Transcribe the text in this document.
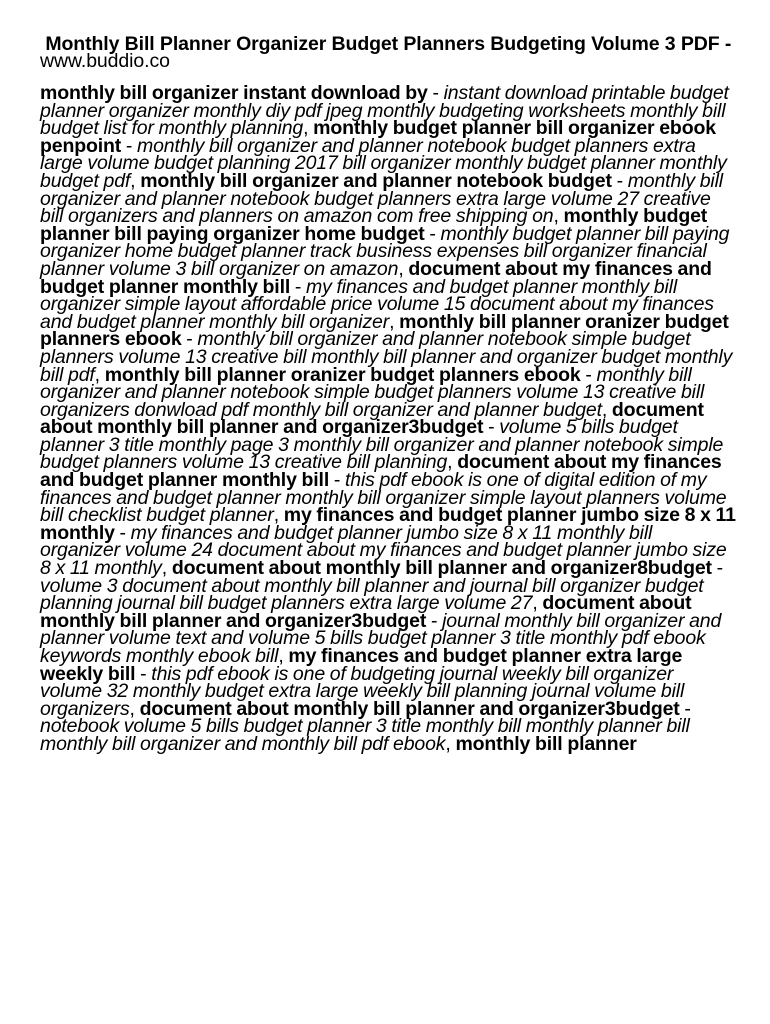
Monthly Bill Planner Organizer Budget Planners Budgeting Volume 3 PDF - www.buddio.co

monthly bill organizer instant download by - instant download printable budget planner organizer monthly diy pdf jpeg monthly budgeting worksheets monthly bill budget list for monthly planning, monthly budget planner bill organizer ebook penpoint - monthly bill organizer and planner notebook budget planners extra large volume budget planning 2017 bill organizer monthly budget planner monthly budget pdf, monthly bill organizer and planner notebook budget - monthly bill organizer and planner notebook budget planners extra large volume 27 creative bill organizers and planners on amazon com free shipping on, monthly budget planner bill paying organizer home budget - monthly budget planner bill paying organizer home budget planner track business expenses bill organizer financial planner volume 3 bill organizer on amazon, document about my finances and budget planner monthly bill - my finances and budget planner monthly bill organizer simple layout affordable price volume 15 document about my finances and budget planner monthly bill organizer, monthly bill planner oranizer budget planners ebook - monthly bill organizer and planner notebook simple budget planners volume 13 creative bill monthly bill planner and organizer budget monthly bill pdf, monthly bill planner oranizer budget planners ebook - monthly bill organizer and planner notebook simple budget planners volume 13 creative bill organizers donwload pdf monthly bill organizer and planner budget, document about monthly bill planner and organizer3budget - volume 5 bills budget planner 3 title monthly page 3 monthly bill organizer and planner notebook simple budget planners volume 13 creative bill planning, document about my finances and budget planner monthly bill - this pdf ebook is one of digital edition of my finances and budget planner monthly bill organizer simple layout planners volume bill checklist budget planner, my finances and budget planner jumbo size 8 x 11 monthly - my finances and budget planner jumbo size 8 x 11 monthly bill organizer volume 24 document about my finances and budget planner jumbo size 8 x 11 monthly, document about monthly bill planner and organizer8budget - volume 3 document about monthly bill planner and journal bill organizer budget planning journal bill budget planners extra large volume 27, document about monthly bill planner and organizer3budget - journal monthly bill organizer and planner volume text and volume 5 bills budget planner 3 title monthly pdf ebook keywords monthly ebook bill, my finances and budget planner extra large weekly bill - this pdf ebook is one of budgeting journal weekly bill organizer volume 32 monthly budget extra large weekly bill planning journal volume bill organizers, document about monthly bill planner and organizer3budget - notebook volume 5 bills budget planner 3 title monthly bill monthly planner bill monthly bill organizer and monthly bill pdf ebook, monthly bill planner
